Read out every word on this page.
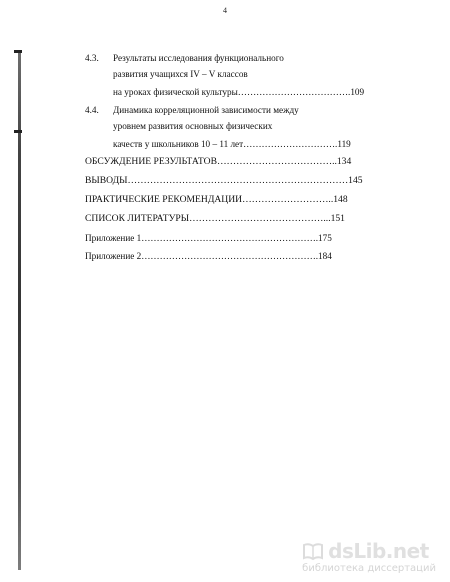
4
4.3. Результаты исследования функционального
развития учащихся IV – V классов
на уроках физической культуры……………………………….109
4.4. Динамика корреляционной зависимости между
уровнем развития основных физических
качеств у школьников 10 – 11 лет………………………….119
ОБСУЖДЕНИЕ РЕЗУЛЬТАТОВ………………………………..134
ВЫВОДЫ……………………………………………………………145
ПРАКТИЧЕСКИЕ РЕКОМЕНДАЦИИ………………………..148
СПИСОК ЛИТЕРАТУРЫ……………………………………...151
Приложение 1………………………………………………….175
Приложение 2………………………………………………….184
dsLib.net
библиотека диссертаций
